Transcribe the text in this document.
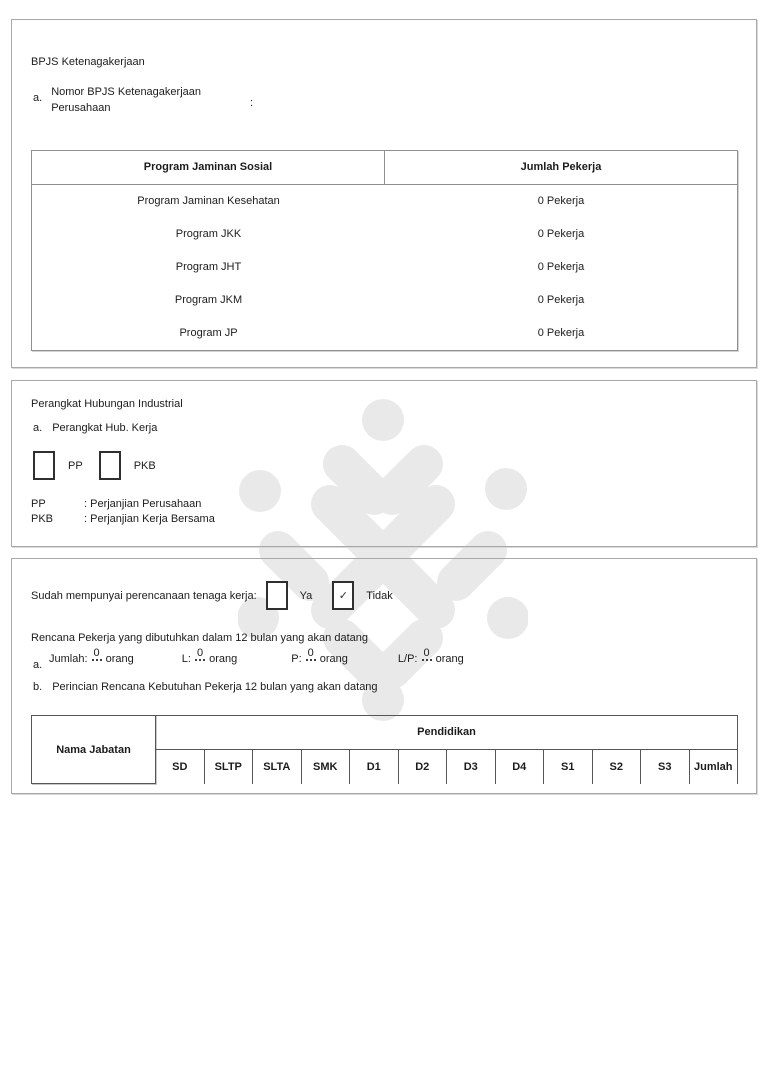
BPJS Ketenagakerjaan
a. Nomor BPJS Ketenagakerjaan
Perusahaan	:
Program Jaminan Sosial	Jumlah Pekerja
Program Jaminan Kesehatan	0 Pekerja
Program JKK	0 Pekerja
Program JHT	0 Pekerja
Program JKM	0 Pekerja
Program JP	0 Pekerja
Perangkat Hubungan Industrial
a. Perangkat Hub. Kerja
PP	PKB
PP	: Perjanjian Perusahaan
PKB	: Perjanjian Kerja Bersama
Sudah mempunyai perencanaan tenaga kerja:	Ya ✓ Tidak
Rencana Pekerja yang dibutuhkan dalam 12 bulan yang akan datang
a.
Jumlah: 0 orang	L: 0 orang	P: 0 orang	L/P: 0 orang
b. Perincian Rencana Kebutuhan Pekerja 12 bulan yang akan datang
Nama Jabatan
Pendidikan
SD	SLTP	SLTA	SMK	D1	D2	D3	D4	S1	S2	S3	Jumlah
